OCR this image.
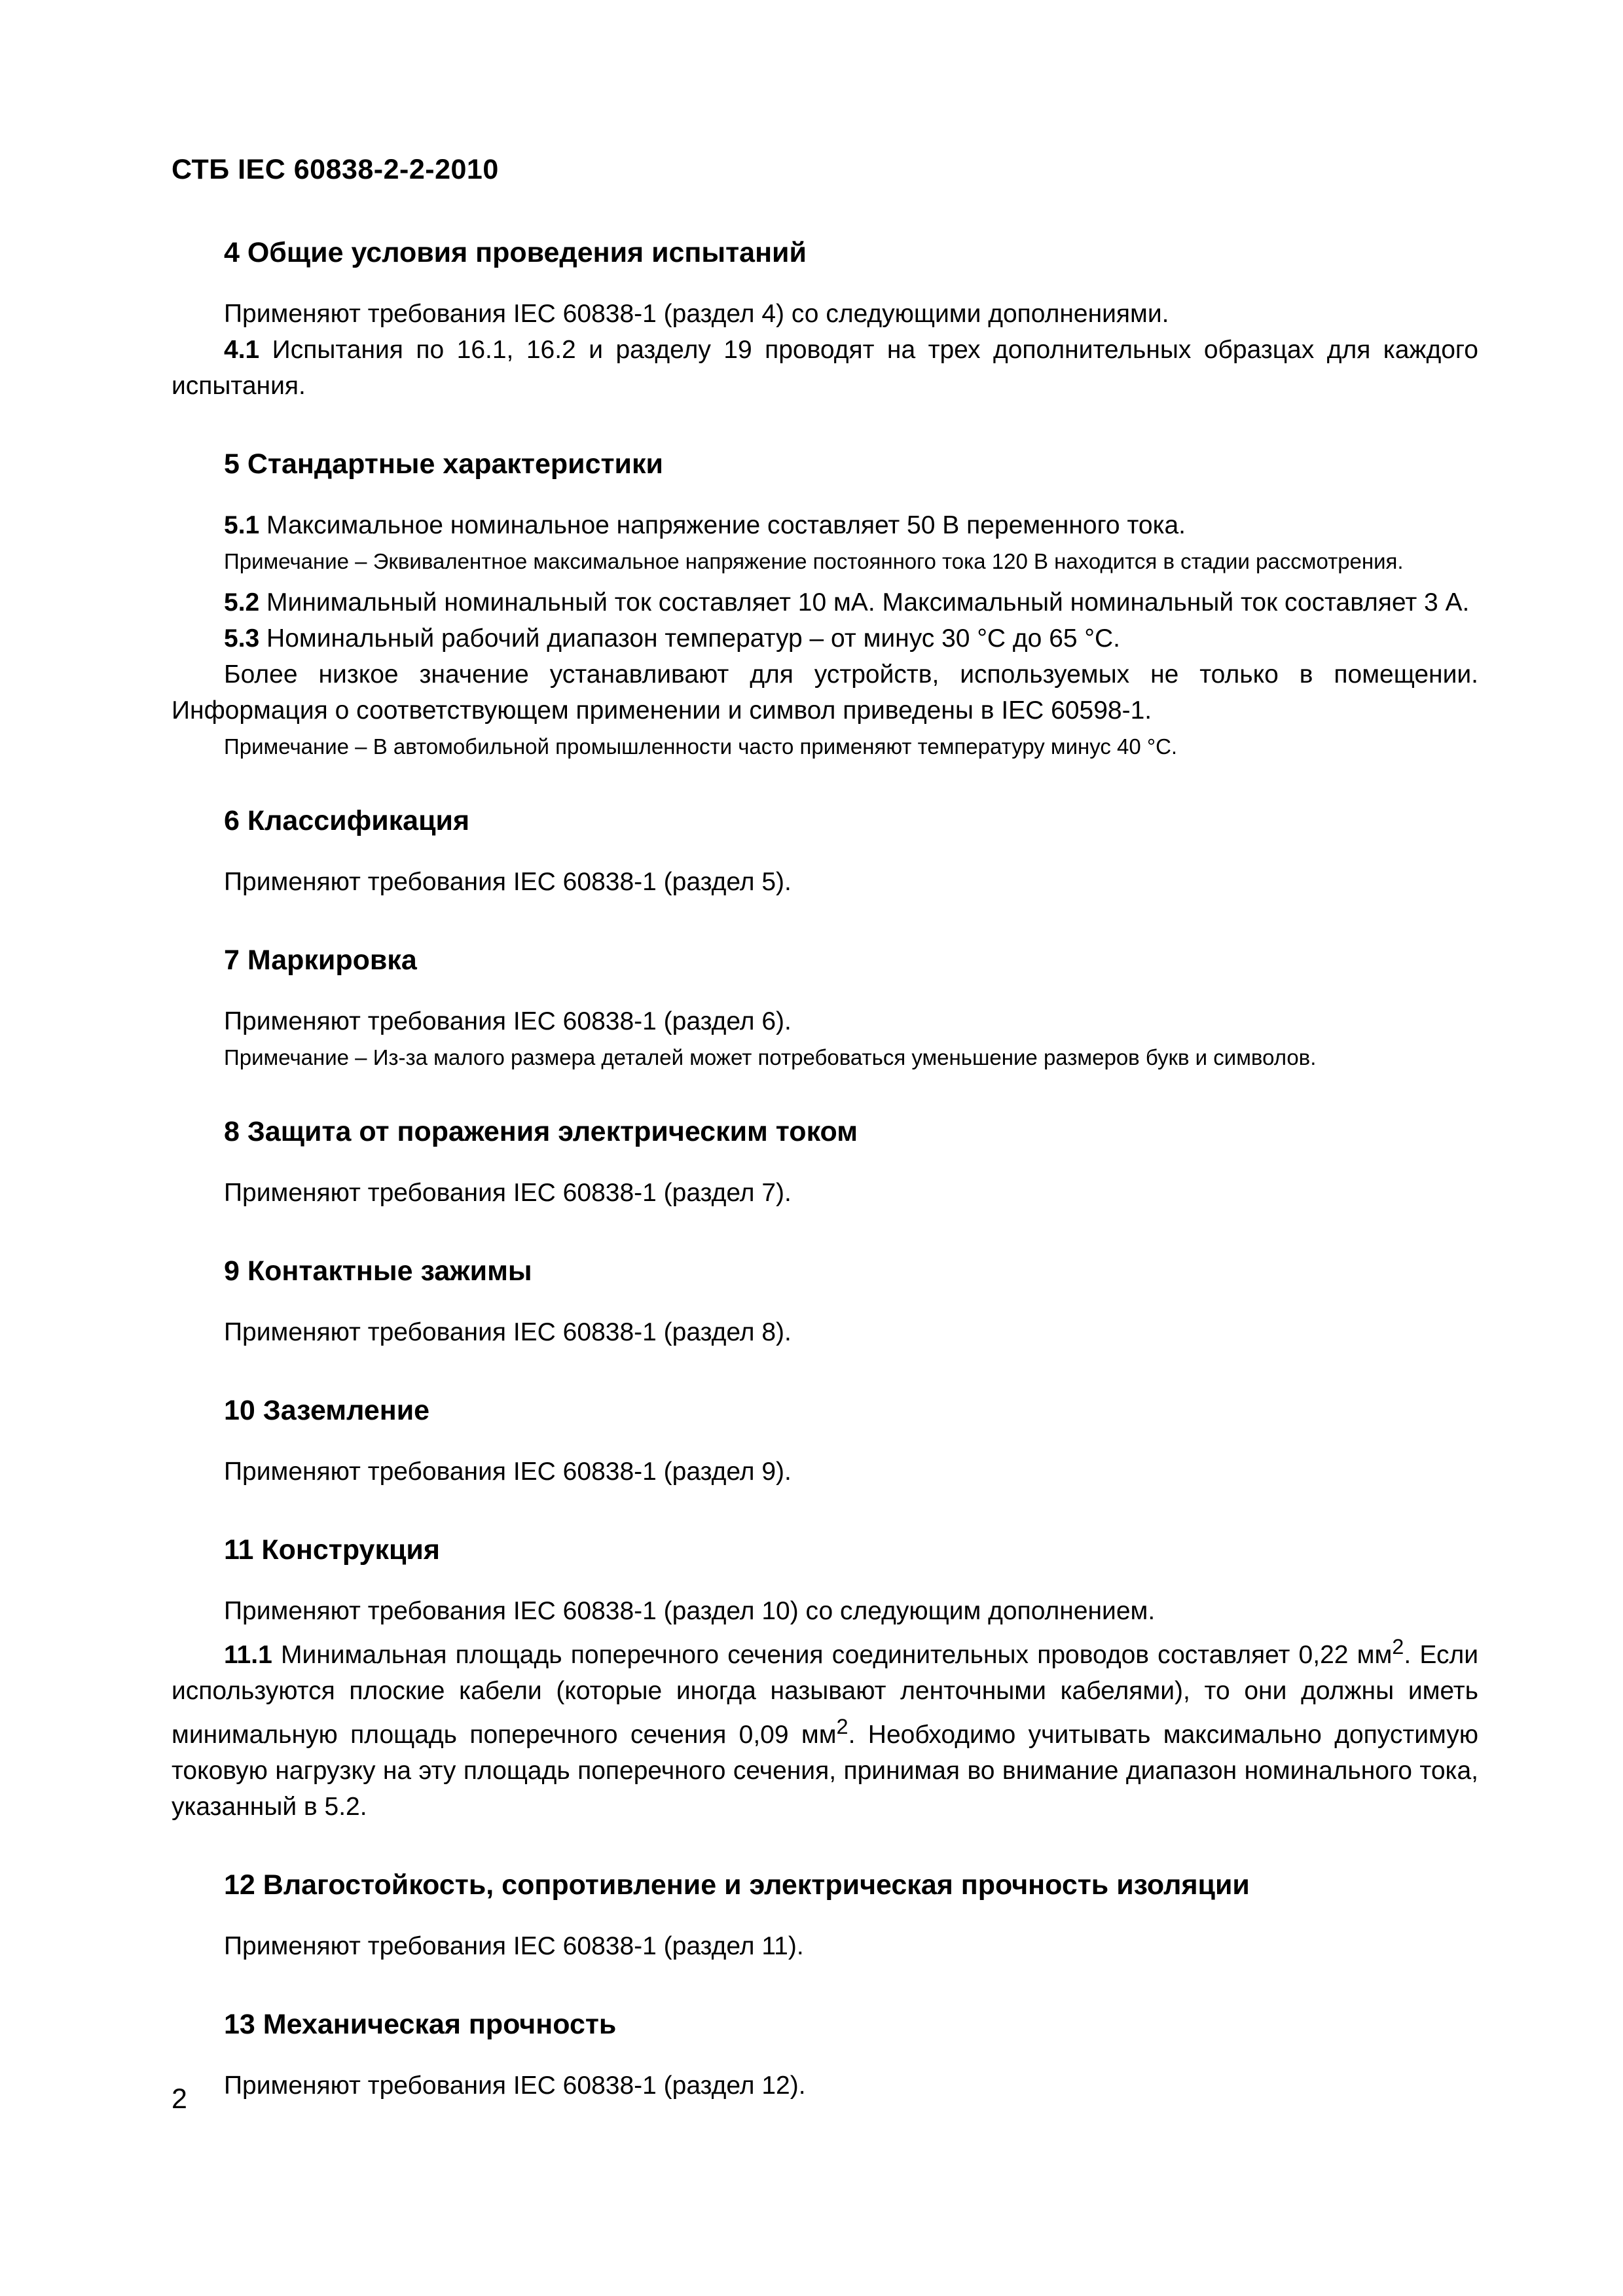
СТБ IEC 60838-2-2-2010
4 Общие условия проведения испытаний

Применяют требования IEC 60838-1 (раздел 4) со следующими дополнениями.

4.1 Испытания по 16.1, 16.2 и разделу 19 проводят на трех дополнительных образцах для каждого испытания.

5 Стандартные характеристики

5.1 Максимальное номинальное напряжение составляет 50 В переменного тока.

Примечание – Эквивалентное максимальное напряжение постоянного тока 120 В находится в стадии рассмотрения.

5.2 Минимальный номинальный ток составляет 10 мА. Максимальный номинальный ток составляет 3 А.

5.3 Номинальный рабочий диапазон температур – от минус 30 °С до 65 °С.

Более низкое значение устанавливают для устройств, используемых не только в помещении. Информация о соответствующем применении и символ приведены в IEC 60598-1.

Примечание – В автомобильной промышленности часто применяют температуру минус 40 °С.

6 Классификация

Применяют требования IEC 60838-1 (раздел 5).

7 Маркировка

Применяют требования IEC 60838-1 (раздел 6).

Примечание – Из-за малого размера деталей может потребоваться уменьшение размеров букв и символов.

8 Защита от поражения электрическим током

Применяют требования IEC 60838-1 (раздел 7).

9 Контактные зажимы

Применяют требования IEC 60838-1 (раздел 8).

10 Заземление

Применяют требования IEC 60838-1 (раздел 9).

11 Конструкция

Применяют требования IEC 60838-1 (раздел 10) со следующим дополнением.

11.1 Минимальная площадь поперечного сечения соединительных проводов составляет 0,22 $мм^2$. Если используются плоские кабели (которые иногда называют ленточными кабелями), то они должны иметь минимальную площадь поперечного сечения 0,09 $мм^2$. Необходимо учитывать максимально допустимую токовую нагрузку на эту площадь поперечного сечения, принимая во внимание диапазон номинального тока, указанный в 5.2.

12 Влагостойкость, сопротивление и электрическая прочность изоляции

Применяют требования IEC 60838-1 (раздел 11).

13 Механическая прочность

Применяют требования IEC 60838-1 (раздел 12).

2
